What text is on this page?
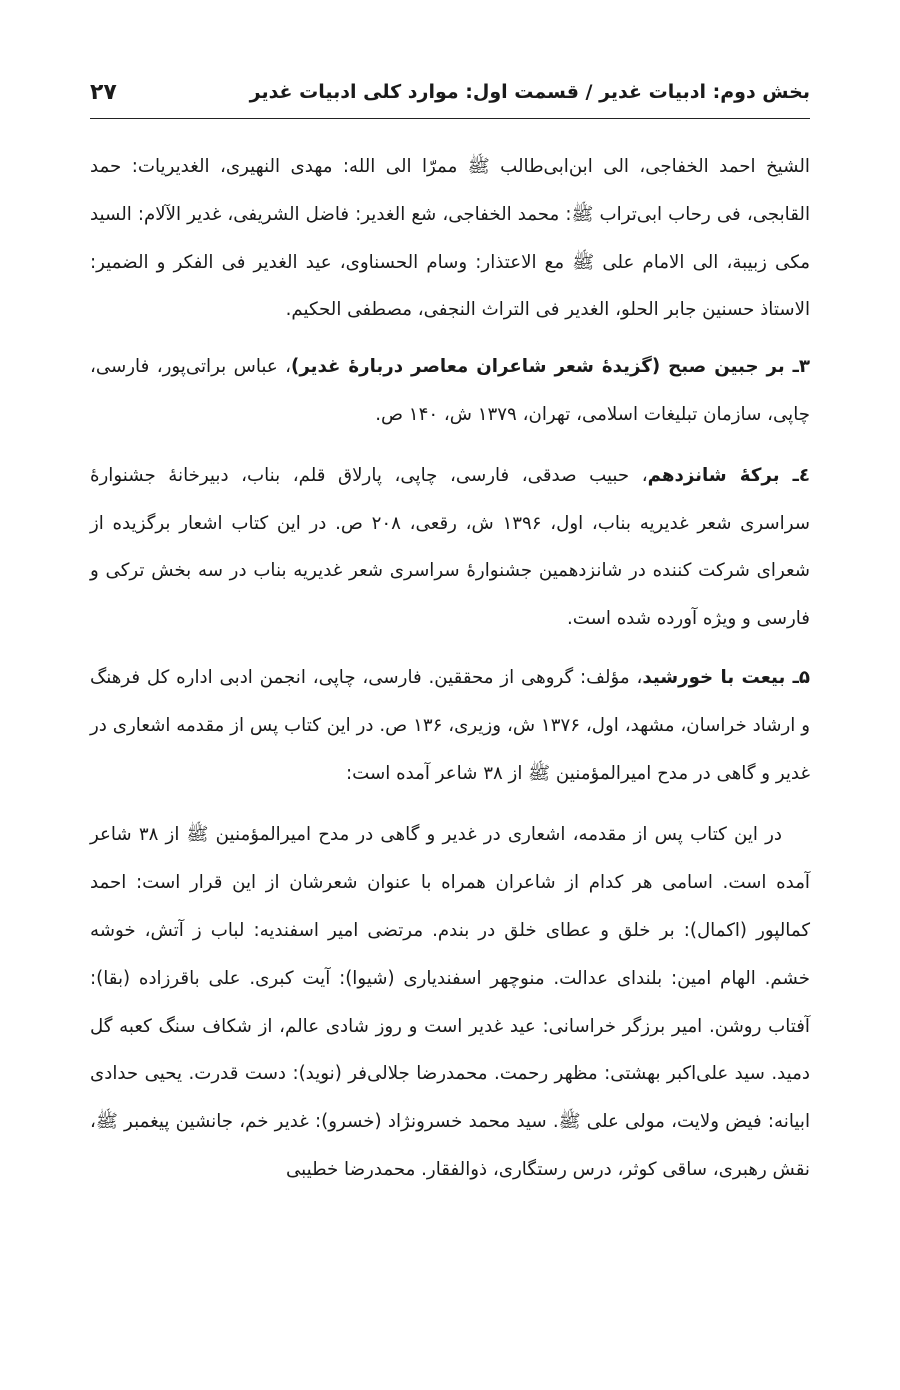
بخش دوم: ادبیات غدیر / قسمت اول: موارد کلی ادبیات غدیر
۲۷

الشیخ احمد الخفاجی، الی ابن‌ابی‌طالب ﷺ ممرّا الی الله: مهدی النهیری، الغدیریات: حمد القابجی، فی رحاب ابی‌تراب ﷺ: محمد الخفاجی، شع الغدیر: فاضل الشریفی، غدیر الآلام: السید مکی زبیبة، الی الامام علی ﷺ مع الاعتذار: وسام الحسناوی، عید الغدیر فی الفکر و الضمیر: الاستاذ حسنین جابر الحلو، الغدیر فی التراث النجفی، مصطفی الحکیم.

۳ـ بر جبین صبح (گزیدهٔ شعر شاعران معاصر دربارهٔ غدیر)، عباس براتی‌پور، فارسی، چاپی، سازمان تبلیغات اسلامی، تهران، ۱۳۷۹ ش، ۱۴۰ ص.

٤ـ برکهٔ شانزدهم، حبیب صدقی، فارسی، چاپی، پارلاق قلم، بناب، دبیرخانهٔ جشنوارهٔ سراسری شعر غدیریه بناب، اول، ۱۳۹۶ ش، رقعی، ۲۰۸ ص. در این کتاب اشعار برگزیده از شعرای شرکت کننده در شانزدهمین جشنوارهٔ سراسری شعر غدیریه بناب در سه بخش ترکی و فارسی و ویژه آورده شده است.

۵ـ بیعت با خورشید، مؤلف: گروهی از محققین. فارسی، چاپی، انجمن ادبی اداره کل فرهنگ و ارشاد خراسان، مشهد، اول، ۱۳۷۶ ش، وزیری، ۱۳۶ ص. در این کتاب پس از مقدمه اشعاری در غدیر و گاهی در مدح امیرالمؤمنین ﷺ از ۳۸ شاعر آمده است:

در این کتاب پس از مقدمه، اشعاری در غدیر و گاهی در مدح امیرالمؤمنین ﷺ از ۳۸ شاعر آمده است. اسامی هر کدام از شاعران همراه با عنوان شعرشان از این قرار است: احمد کمالپور (اکمال): بر خلق و عطای خلق در بندم. مرتضی امیر اسفندیه: لباب ز آتش، خوشه خشم. الهام امین: بلندای عدالت. منوچهر اسفندیاری (شیوا): آیت کبری. علی باقرزاده (بقا): آفتاب روشن. امیر برزگر خراسانی: عید غدیر است و روز شادی عالم، از شکاف سنگ کعبه گل دمید. سید علی‌اکبر بهشتی: مظهر رحمت. محمدرضا جلالی‌فر (نوید): دست قدرت. یحیی حدادی ابیانه: فیض ولایت، مولی علی ﷺ. سید محمد خسرونژاد (خسرو): غدیر خم، جانشین پیغمبر ﷺ، نقش رهبری، ساقی کوثر، درس رستگاری، ذوالفقار. محمدرضا خطیبی
